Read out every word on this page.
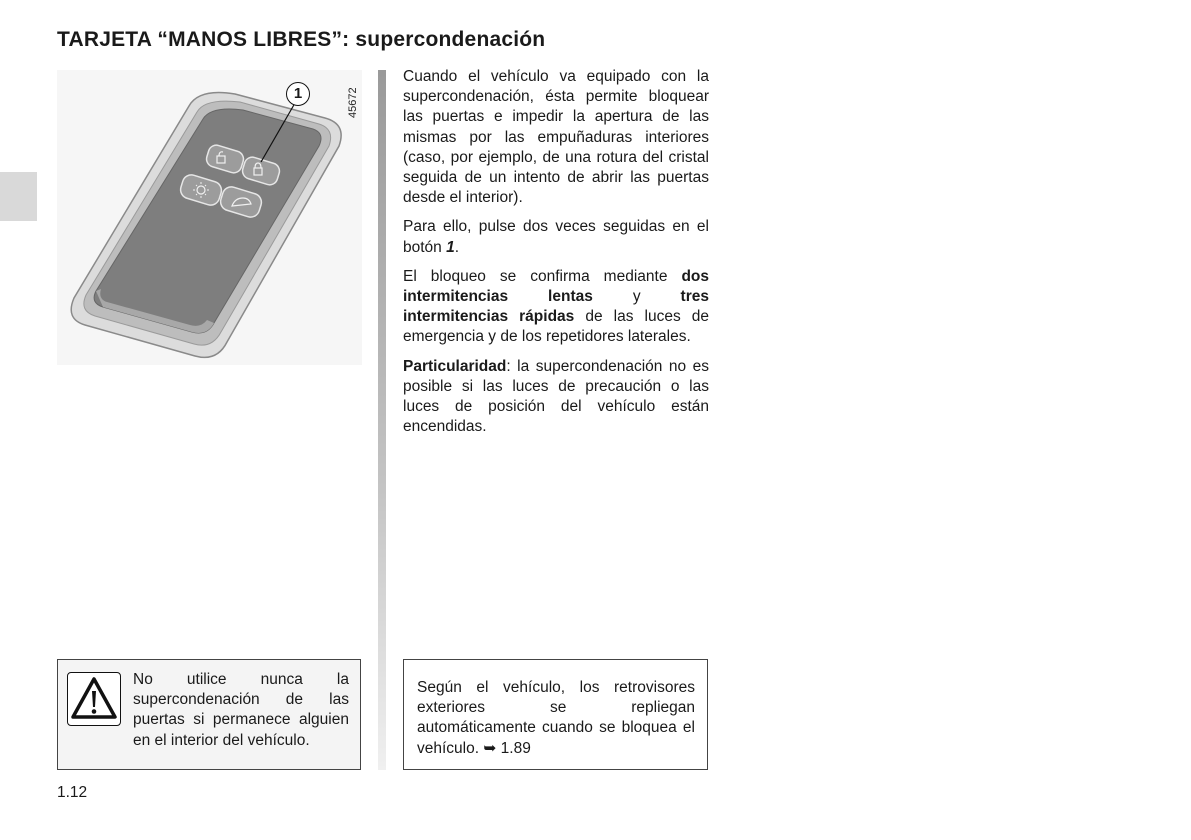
TARJETA “MANOS LIBRES”: supercondenación
1	45672

Cuando el vehículo va equipado con la supercondenación, ésta permite bloquear las puertas e impedir la apertura de las mismas por las empuñaduras interiores (caso, por ejemplo, de una rotura del cristal seguida de un intento de abrir las puertas desde el interior).

Para ello, pulse dos veces seguidas en el botón 1.

El bloqueo se confirma mediante dos intermitencias lentas y tres intermitencias rápidas de las luces de emergencia y de los repetidores laterales.

Particularidad: la supercondenación no es posible si las luces de precaución o las luces de posición del vehículo están encendidas.

No utilice nunca la supercondenación de las puertas si permanece alguien en el interior del vehículo.
Según el vehículo, los retrovisores exteriores se repliegan automáticamente cuando se bloquea el vehículo. ➥ 1.89
1.12
